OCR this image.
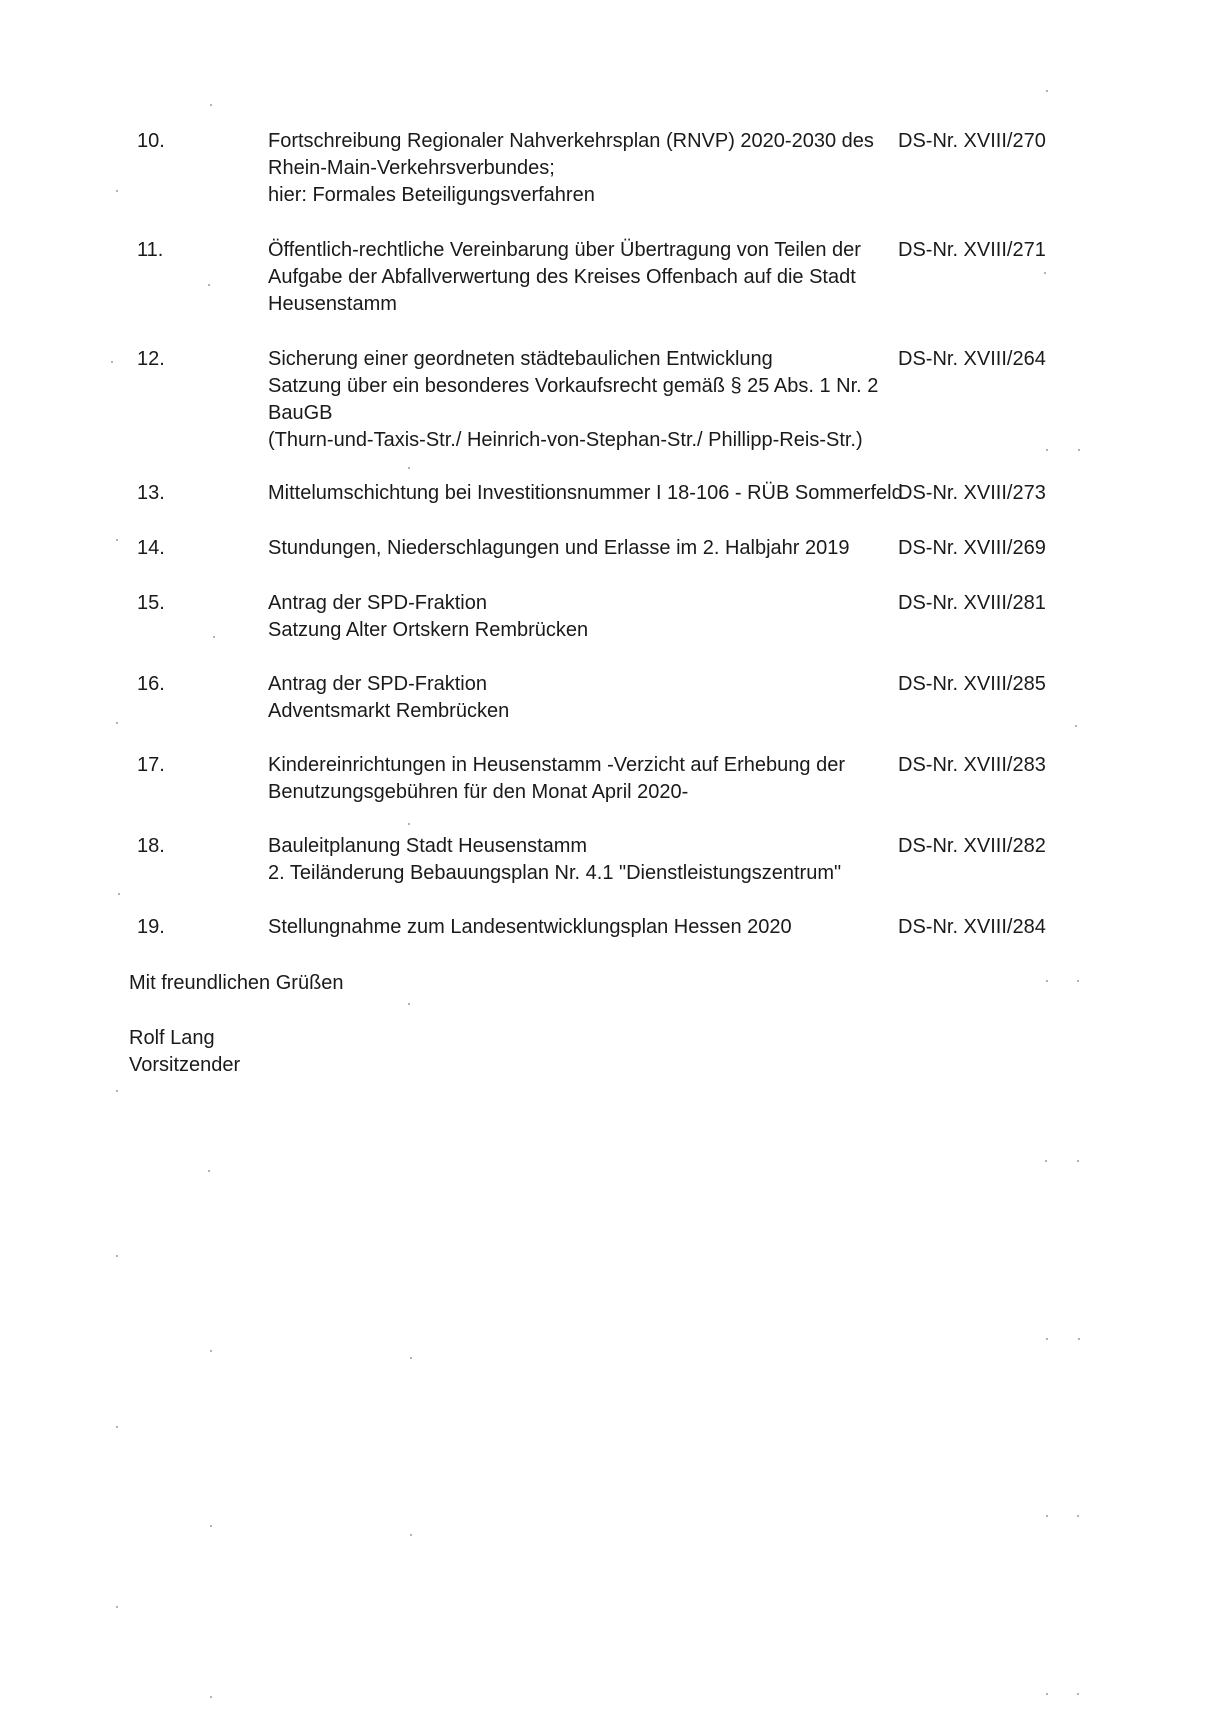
10.	Fortschreibung Regionaler Nahverkehrsplan (RNVP) 2020-2030 des
Rhein-Main-Verkehrsverbundes;
hier: Formales Beteiligungsverfahren
DS-Nr. XVIII/270
11.	Öffentlich-rechtliche Vereinbarung über Übertragung von Teilen der
Aufgabe der Abfallverwertung des Kreises Offenbach auf die Stadt
Heusenstamm
DS-Nr. XVIII/271
12.	Sicherung einer geordneten städtebaulichen Entwicklung
Satzung über ein besonderes Vorkaufsrecht gemäß § 25 Abs. 1 Nr. 2
BauGB
(Thurn-und-Taxis-Str./ Heinrich-von-Stephan-Str./ Phillipp-Reis-Str.)
DS-Nr. XVIII/264
13.	Mittelumschichtung bei Investitionsnummer I 18-106 - RÜB Sommerfeld
DS-Nr. XVIII/273
14.	Stundungen, Niederschlagungen und Erlasse im 2. Halbjahr 2019	DS-Nr. XVIII/269
15.	Antrag der SPD-Fraktion
Satzung Alter Ortskern Rembrücken
DS-Nr. XVIII/281
16.	Antrag der SPD-Fraktion
Adventsmarkt Rembrücken
DS-Nr. XVIII/285
17.	Kindereinrichtungen in Heusenstamm -Verzicht auf Erhebung der
Benutzungsgebühren für den Monat April 2020-
DS-Nr. XVIII/283
18.	Bauleitplanung Stadt Heusenstamm
2. Teiländerung Bebauungsplan Nr. 4.1 "Dienstleistungszentrum"
DS-Nr. XVIII/282
19.	Stellungnahme zum Landesentwicklungsplan Hessen 2020	DS-Nr. XVIII/284
Mit freundlichen Grüßen
Rolf Lang
Vorsitzender
